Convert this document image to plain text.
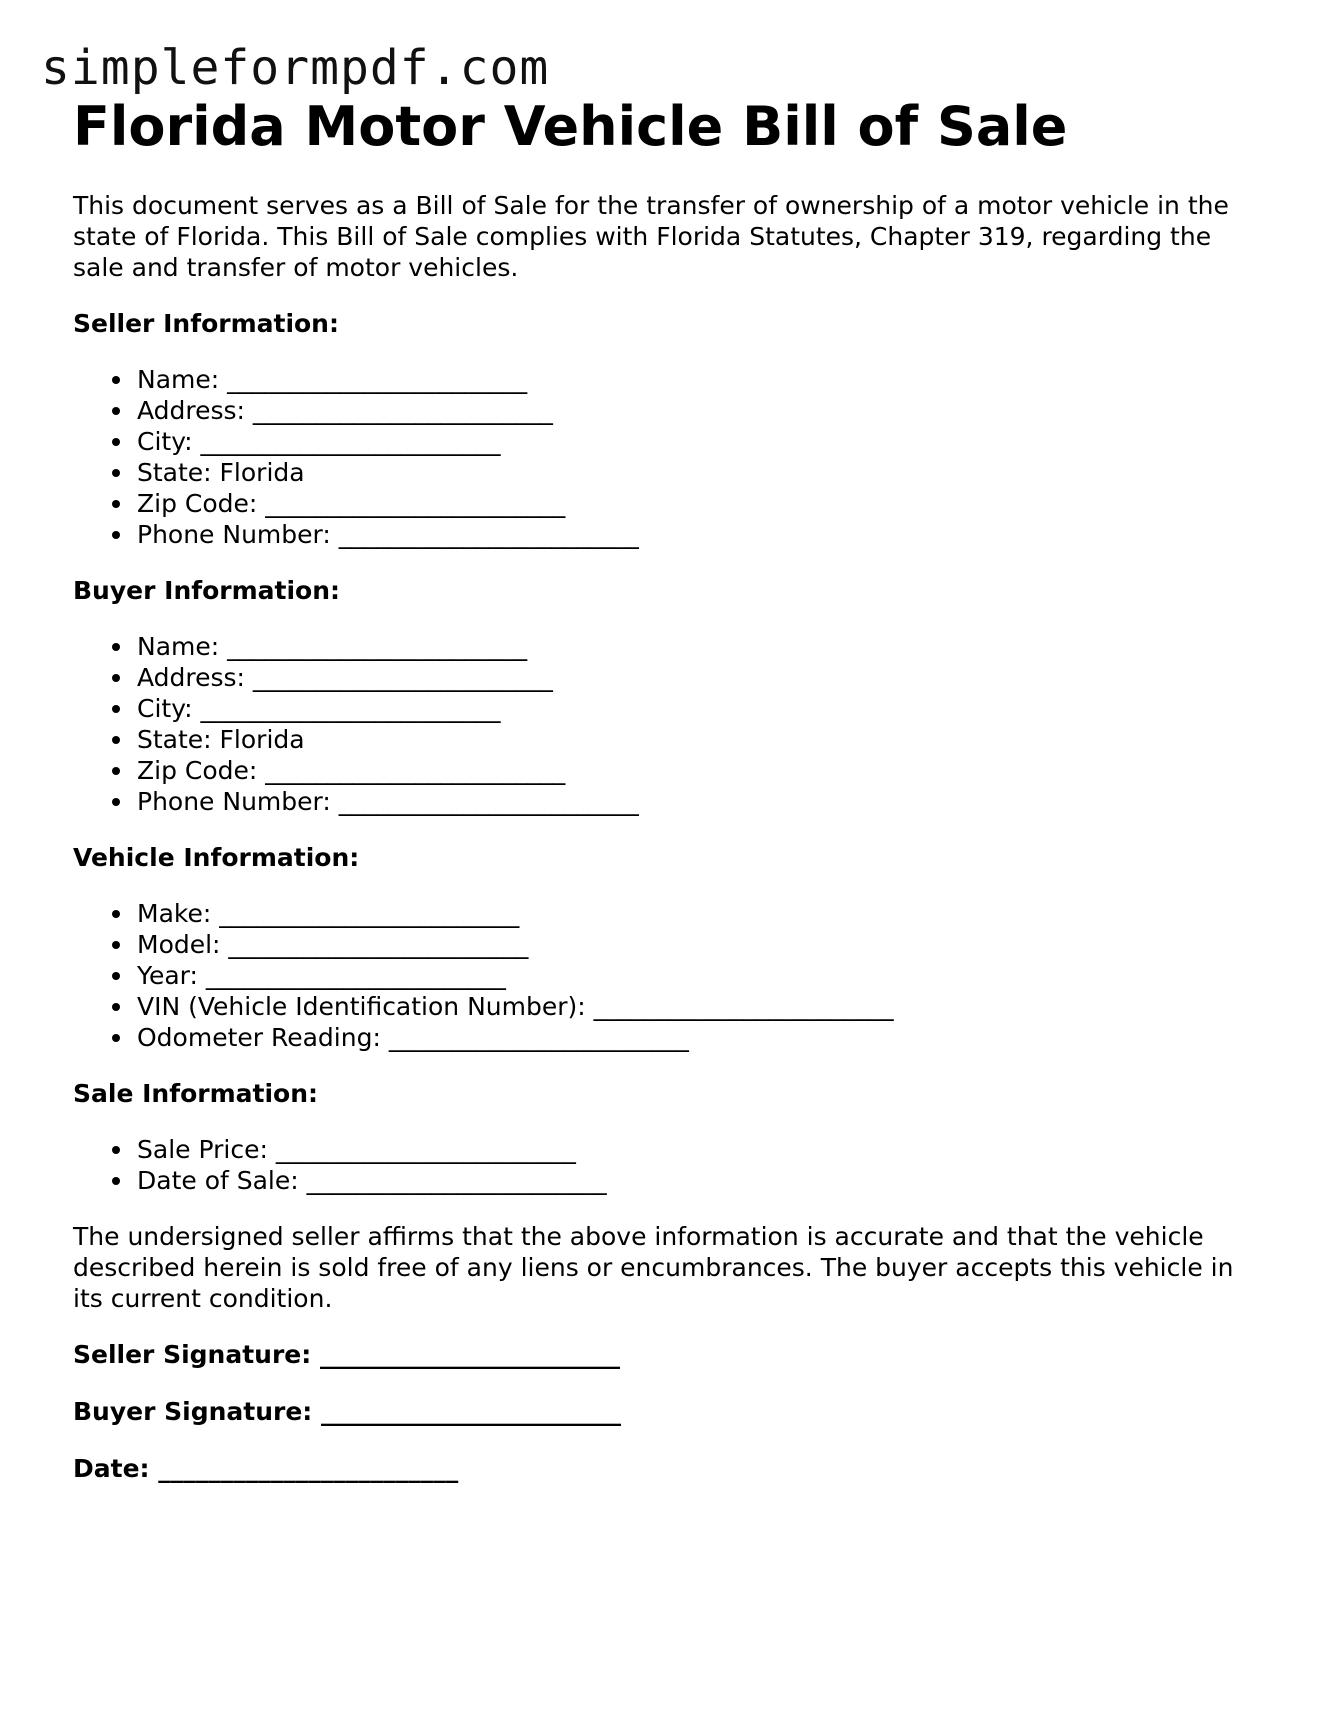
simpleformpdf.com
Florida Motor Vehicle Bill of Sale

This document serves as a Bill of Sale for the transfer of ownership of a motor vehicle in the state of Florida. This Bill of Sale complies with Florida Statutes, Chapter 319, regarding the sale and transfer of motor vehicles.

Seller Information:
Name: ________________________
Address: ________________________
City: ________________________
State: Florida
Zip Code: ________________________
Phone Number: ________________________
Buyer Information:
Name: ________________________
Address: ________________________
City: ________________________
State: Florida
Zip Code: ________________________
Phone Number: ________________________
Vehicle Information:
Make: ________________________
Model: ________________________
Year: ________________________
VIN (Vehicle Identification Number): ________________________
Odometer Reading: ________________________
Sale Information:
Sale Price: ________________________
Date of Sale: ________________________

The undersigned seller affirms that the above information is accurate and that the vehicle described herein is sold free of any liens or encumbrances. The buyer accepts this vehicle in its current condition.

Seller Signature: ________________________
Buyer Signature: ________________________
Date: ________________________
